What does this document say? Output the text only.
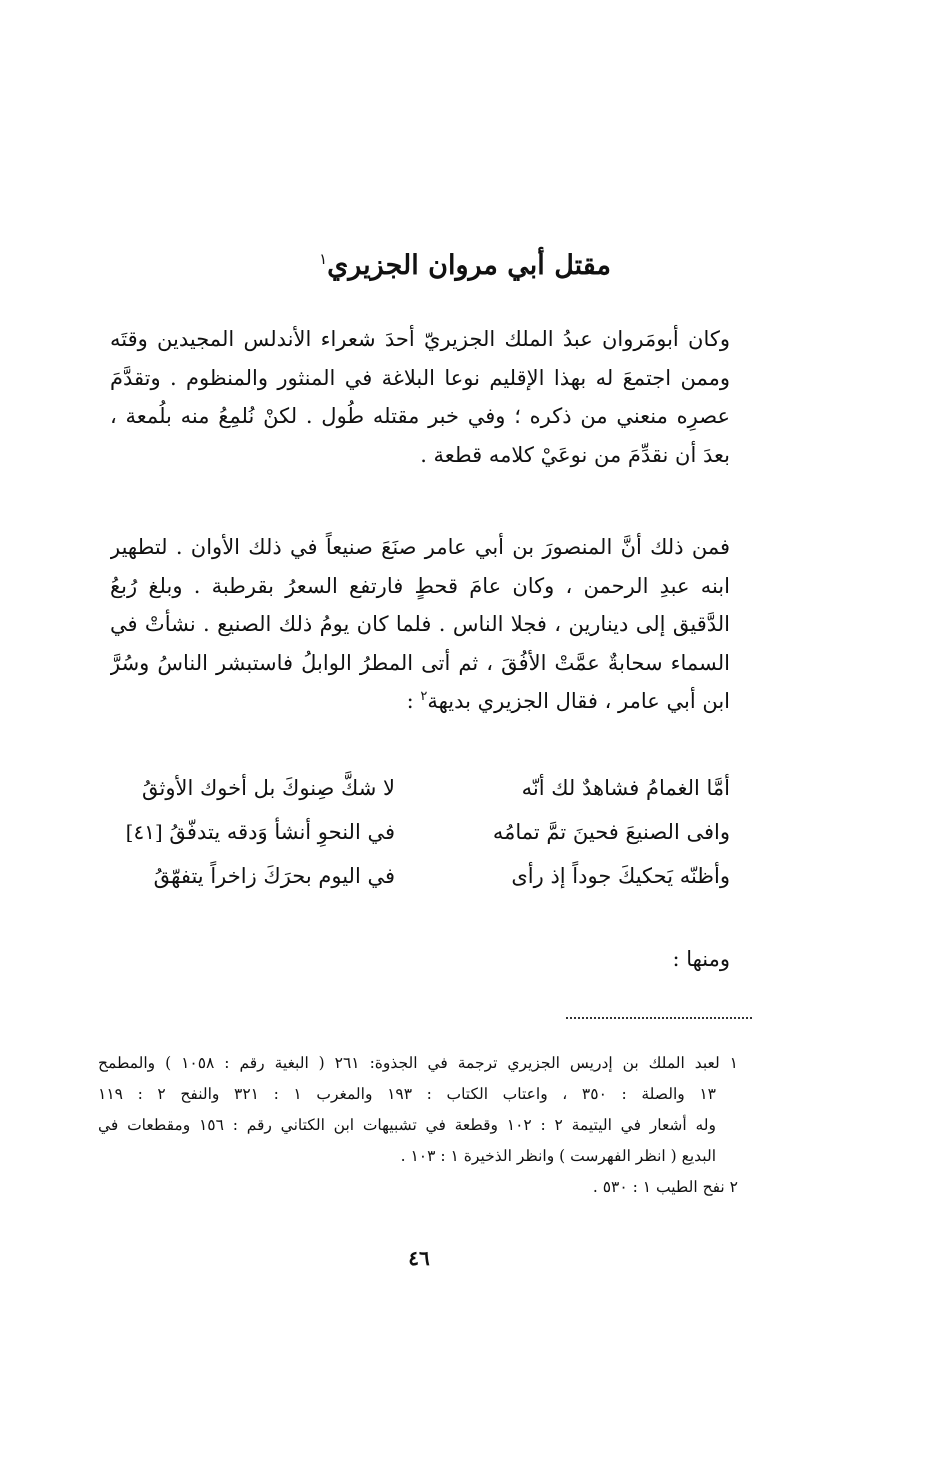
مقتل أبي مروان الجزيري$^١$
وكان أبومَروان عبدُ الملك الجزيريّ أحدَ شعراء الأندلس المجيدين وقتَه
وممن اجتمعَ له بهذا الإقليم نوعا البلاغة في المنثور والمنظوم . وتقدَّمَ
عصرِه منعني من ذكره ؛ وفي خبر مقتله طُول . لكنْ نُلمِعُ منه بلُمعة ،
بعدَ أن نقدِّمَ من نوعَيْ كلامه قطعة .
فمن ذلك أنَّ المنصورَ بن أبي عامر صنَعَ صنيعاً في ذلك الأوان . لتطهير
ابنه عبدِ الرحمن ، وكان عامَ قحطٍ فارتفع السعرُ بقرطبة . وبلغ رُبعُ
الدَّقيق إلى دينارين ، فجلا الناس . فلما كان يومُ ذلك الصنيع . نشأتْ في
السماء سحابةٌ عمَّتْ الأفُقَ ، ثم أتى المطرُ الوابلُ فاستبشر الناسُ وسُرَّ
ابن أبي عامر ، فقال الجزيري بديهة$^٢$ :
أمَّا الغمامُ فشاهدٌ لك أنّه
لا شكَّ صِنوكَ بل أخوك الأوثقُ
وافى الصنيعَ فحينَ تمَّ تمامُه
في النحوِ أنشأ وَدقه يتدفّقُ [٤١]
وأظنّه يَحكيكَ جوداً إذ رأى
في اليوم بحرَكَ زاخراً يتفهّقُ
ومنها :
١ لعبد الملك بن إدريس الجزيري ترجمة في الجذوة: ٢٦١ ( البغية رقم : ١٠٥٨ ) والمطمح
١٣ والصلة : ٣٥٠ ، واعتاب الكتاب : ١٩٣ والمغرب ١ : ٣٢١ والنفح ٢ : ١١٩
وله أشعار في اليتيمة ٢ : ١٠٢ وقطعة في تشبيهات ابن الكتاني رقم : ١٥٦ ومقطعات في
البديع ( انظر الفهرست ) وانظر الذخيرة ١ : ١٠٣ .
٢ نفح الطيب ١ : ٥٣٠ .
٤٦
